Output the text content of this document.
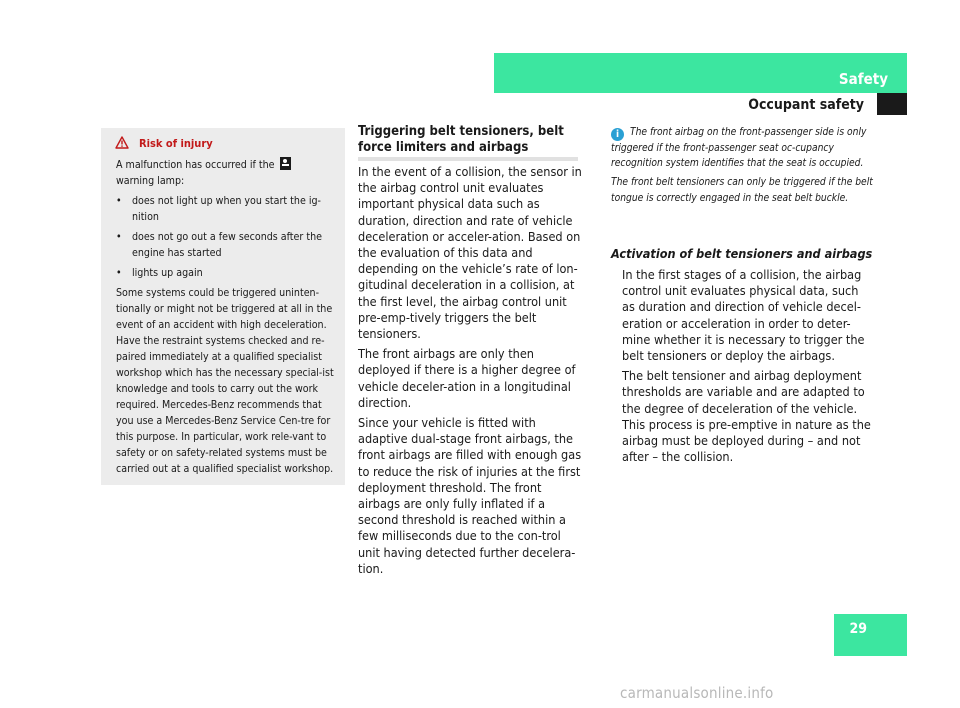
Safety
Occupant safety
Risk of injury

A malfunction has occurred if the
warning lamp:

• does not light up when you start the ig-nition
• does not go out a few seconds after the engine has started
• lights up again

Some systems could be triggered uninten-tionally or might not be triggered at all in the event of an accident with high deceleration. Have the restraint systems checked and re-paired immediately at a qualified specialist workshop which has the necessary special-ist knowledge and tools to carry out the work required. Mercedes-Benz recommends that you use a Mercedes-Benz Service Cen-tre for this purpose. In particular, work rele-vant to safety or on safety-related systems must be carried out at a qualified specialist workshop.

Triggering belt tensioners, belt force limiters and airbags

In the event of a collision, the sensor in the airbag control unit evaluates important physical data such as duration, direction and rate of vehicle deceleration or acceler-ation. Based on the evaluation of this data and depending on the vehicle’s rate of lon-gitudinal deceleration in a collision, at the first level, the airbag control unit pre-emp-tively triggers the belt tensioners.

The front airbags are only then deployed if there is a higher degree of vehicle deceler-ation in a longitudinal direction.

Since your vehicle is fitted with adaptive dual-stage front airbags, the front airbags are filled with enough gas to reduce the risk of injuries at the first deployment threshold. The front airbags are only fully inflated if a second threshold is reached within a few milliseconds due to the con-trol unit having detected further decelera-tion.

i The front airbag on the front-passenger side is only triggered if the front-passenger seat oc-cupancy recognition system identifies that the seat is occupied.

The front belt tensioners can only be triggered if the belt tongue is correctly engaged in the seat belt buckle.

Activation of belt tensioners and airbags

In the first stages of a collision, the airbag control unit evaluates physical data, such as duration and direction of vehicle decel-eration or acceleration in order to deter-mine whether it is necessary to trigger the belt tensioners or deploy the airbags.

The belt tensioner and airbag deployment thresholds are variable and are adapted to the degree of deceleration of the vehicle. This process is pre-emptive in nature as the airbag must be deployed during – and not after – the collision.

29
carmanualsonline.info
